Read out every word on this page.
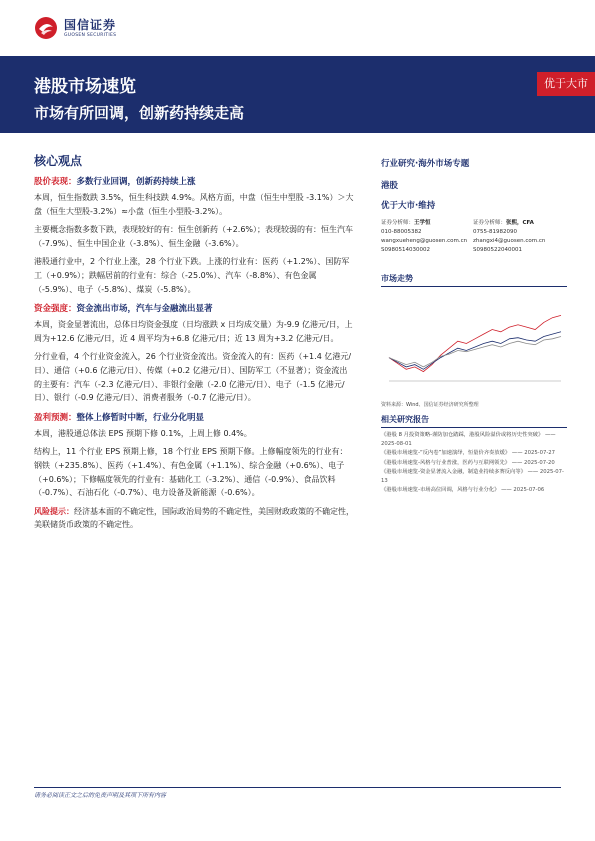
国信证券
GUOSEN SECURITIES
港股市场速览
市场有所回调，创新药持续走高
优于大市
核心观点
股价表现：多数行业回调，创新药持续上涨

本周，恒生指数跌 3.5%，恒生科技跌 4.9%。风格方面，中盘（恒生中型股 -3.1%）＞大盘（恒生大型股-3.2%）≈小盘（恒生小型股-3.2%）。

主要概念指数多数下跌，表现较好的有：恒生创新药（+2.6%）；表现较弱的有：恒生汽车（-7.9%）、恒生中国企业（-3.8%）、恒生金融（-3.6%）。

港股通行业中，2 个行业上涨，28 个行业下跌。上涨的行业有：医药（+1.2%）、国防军工（+0.9%）；跌幅居前的行业有：综合（-25.0%）、汽车（-8.8%）、有色金属（-5.9%）、电子（-5.8%）、煤炭（-5.8%）。

资金强度：资金流出市场，汽车与金融流出显著

本周，资金显著流出，总体日均资金强度（日均涨跌 x 日均成交量）为-9.9 亿港元/日，上周为+12.6 亿港元/日，近 4 周平均为+6.8 亿港元/日；近 13 周为+3.2 亿港元/日。

分行业看，4 个行业资金流入，26 个行业资金流出。资金流入的有：医药（+1.4 亿港元/日）、通信（+0.6 亿港元/日）、传媒（+0.2 亿港元/日）、国防军工（不显著）；资金流出的主要有：汽车（-2.3 亿港元/日）、非银行金融（-2.0 亿港元/日）、电子（-1.5 亿港元/日）、银行（-0.9 亿港元/日）、消费者服务（-0.7 亿港元/日）。

盈利预测：整体上修暂时中断，行业分化明显

本周，港股通总体法 EPS 预期下修 0.1%，上周上修 0.4%。

结构上，11 个行业 EPS 预期上修，18 个行业 EPS 预期下修。上修幅度领先的行业有：钢铁（+235.8%）、医药（+1.4%）、有色金属（+1.1%）、综合金融（+0.6%）、电子（+0.6%）；下修幅度领先的行业有：基础化工（-3.2%）、通信（-0.9%）、食品饮料（-0.7%）、石油石化（-0.7%）、电力设备及新能源（-0.6%）。

风险提示：经济基本面的不确定性，国际政治局势的不确定性，美国财政政策的不确定性，美联储货币政策的不确定性。

行业研究·海外市场专题
港股
优于大市·维持
证券分析师：王学恒
010-88005382
wangxueheng@guosen.com.cn
S0980514030002
证券分析师：张熙，CFA
0755-81982090
zhangxi4@guosen.com.cn
S0980522040001
市场走势
资料来源：Wind、国信证券经济研究所整理
相关研究报告
《港股 8 月投资策略-谨防加仓踏踩，港股风险溢价或将历史性突破》 —— 2025-08-01
《港股市场速览-“反内卷”加速演绎，恒量价齐奏放缓》 —— 2025-07-27
《港股市场速览-风格与行业普涨，医药与互联网领先》 —— 2025-07-20
《港股市场速览-资金显著流入金融，制造业持续多赛反向等》 —— 2025-07-13
《港股市场速览-市场高位回调，风格与行业分化》 —— 2025-07-06
请务必阅读正文之后的免责声明及其项下所有内容
